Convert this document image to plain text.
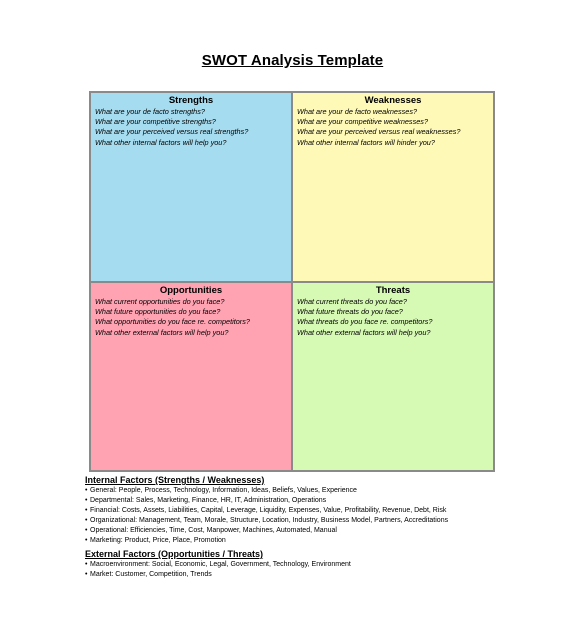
SWOT Analysis Template
Strengths
What are your de facto strengths?
What are your competitive strengths?
What are your perceived versus real strengths?
What other internal factors will help you?
Weaknesses
What are your de facto weaknesses?
What are your competitive weaknesses?
What are your perceived versus real weaknesses?
What other internal factors will hinder you?
Opportunities
What current opportunities do you face?
What future opportunities do you face?
What opportunities do you face re. competitors?
What other external factors will help you?
Threats
What current threats do you face?
What future threats do you face?
What threats do you face re. competitors?
What other external factors will help you?
Internal Factors (Strengths / Weaknesses)
• General: People, Process, Technology, Information, Ideas, Beliefs, Values, Experience
• Departmental: Sales, Marketing, Finance, HR, IT, Administration, Operations
• Financial: Costs, Assets, Liabilities, Capital, Leverage, Liquidity, Expenses, Value, Profitability, Revenue, Debt, Risk
• Organizational: Management, Team, Morale, Structure, Location, Industry, Business Model, Partners, Accreditations
• Operational: Efficiencies, Time, Cost, Manpower, Machines, Automated, Manual
• Marketing: Product, Price, Place, Promotion
External Factors (Opportunities / Threats)
• Macroenvironment: Social, Economic, Legal, Government, Technology, Environment
• Market: Customer, Competition, Trends
